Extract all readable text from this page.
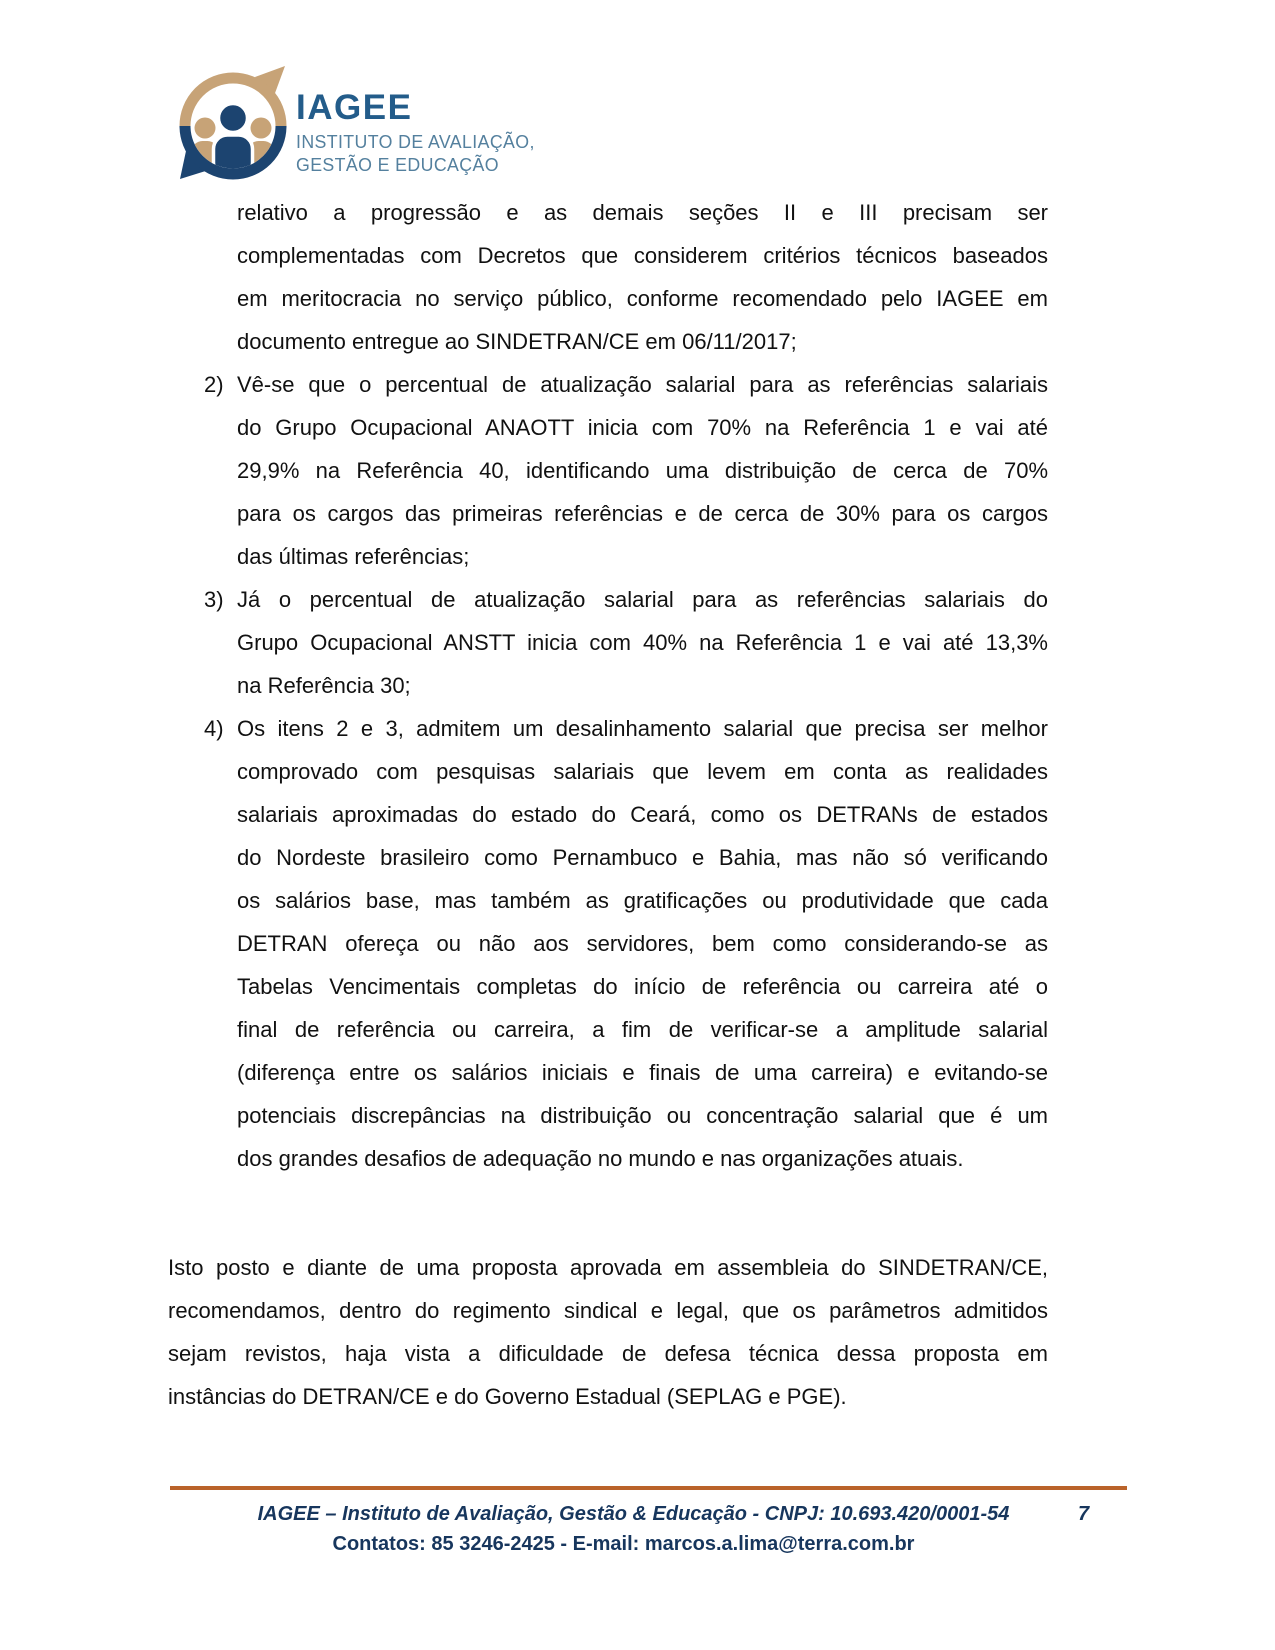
IAGEE
INSTITUTO DE AVALIAÇÃO,
GESTÃO E EDUCAÇÃO
relativo a progressão e as demais seções II e III precisam ser
complementadas com Decretos que considerem critérios técnicos baseados
em meritocracia no serviço público, conforme recomendado pelo IAGEE em
documento entregue ao SINDETRAN/CE em 06/11/2017;
2) Vê-se que o percentual de atualização salarial para as referências salariais
do Grupo Ocupacional ANAOTT inicia com 70% na Referência 1 e vai até
29,9% na Referência 40, identificando uma distribuição de cerca de 70%
para os cargos das primeiras referências e de cerca de 30% para os cargos
das últimas referências;
3) Já o percentual de atualização salarial para as referências salariais do
Grupo Ocupacional ANSTT inicia com 40% na Referência 1 e vai até 13,3%
na Referência 30;
4) Os itens 2 e 3, admitem um desalinhamento salarial que precisa ser melhor
comprovado com pesquisas salariais que levem em conta as realidades
salariais aproximadas do estado do Ceará, como os DETRANs de estados
do Nordeste brasileiro como Pernambuco e Bahia, mas não só verificando
os salários base, mas também as gratificações ou produtividade que cada
DETRAN ofereça ou não aos servidores, bem como considerando-se as
Tabelas Vencimentais completas do início de referência ou carreira até o
final de referência ou carreira, a fim de verificar-se a amplitude salarial
(diferença entre os salários iniciais e finais de uma carreira) e evitando-se
potenciais discrepâncias na distribuição ou concentração salarial que é um
dos grandes desafios de adequação no mundo e nas organizações atuais.
Isto posto e diante de uma proposta aprovada em assembleia do SINDETRAN/CE,
recomendamos, dentro do regimento sindical e legal, que os parâmetros admitidos
sejam revistos, haja vista a dificuldade de defesa técnica dessa proposta em
instâncias do DETRAN/CE e do Governo Estadual (SEPLAG e PGE).
IAGEE – Instituto de Avaliação, Gestão & Educação - CNPJ: 10.693.420/0001-54	7
Contatos: 85 3246-2425 - E-mail: marcos.a.lima@terra.com.br
